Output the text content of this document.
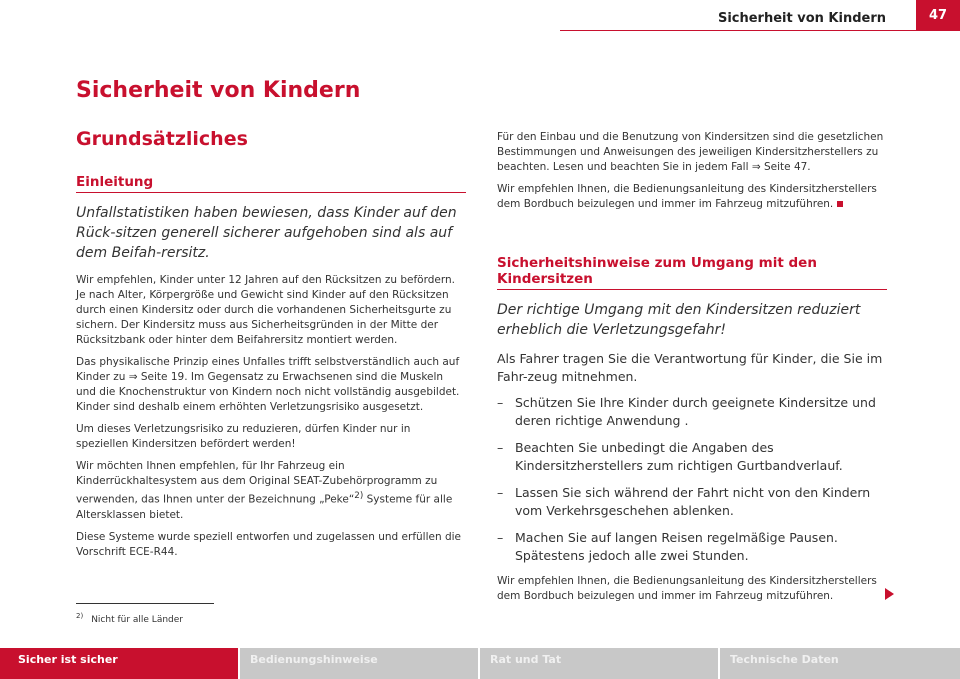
Sicherheit von Kindern	47
Sicherheit von Kindern
Grundsätzliches
Einleitung

Unfallstatistiken haben bewiesen, dass Kinder auf den Rück-sitzen generell sicherer aufgehoben sind als auf dem Beifah-rersitz.

Wir empfehlen, Kinder unter 12 Jahren auf den Rücksitzen zu befördern. Je nach Alter, Körpergröße und Gewicht sind Kinder auf den Rücksitzen durch einen Kindersitz oder durch die vorhandenen Sicherheitsgurte zu sichern. Der Kindersitz muss aus Sicherheitsgründen in der Mitte der Rücksitzbank oder hinter dem Beifahrersitz montiert werden.

Das physikalische Prinzip eines Unfalles trifft selbstverständlich auch auf Kinder zu ⇒ Seite 19. Im Gegensatz zu Erwachsenen sind die Muskeln und die Knochenstruktur von Kindern noch nicht vollständig ausgebildet. Kinder sind deshalb einem erhöhten Verletzungsrisiko ausgesetzt.

Um dieses Verletzungsrisiko zu reduzieren, dürfen Kinder nur in speziellen Kindersitzen befördert werden!

Wir möchten Ihnen empfehlen, für Ihr Fahrzeug ein Kinderrückhaltesystem aus dem Original SEAT-Zubehörprogramm zu verwenden, das Ihnen unter der Bezeichnung „Peke“$^{2)}$ Systeme für alle Altersklassen bietet.

Diese Systeme wurde speziell entworfen und zugelassen und erfüllen die Vorschrift ECE-R44.

Für den Einbau und die Benutzung von Kindersitzen sind die gesetzlichen Bestimmungen und Anweisungen des jeweiligen Kindersitzherstellers zu beachten. Lesen und beachten Sie in jedem Fall ⇒ Seite 47.

Wir empfehlen Ihnen, die Bedienungsanleitung des Kindersitzherstellers dem Bordbuch beizulegen und immer im Fahrzeug mitzuführen.

Sicherheitshinweise zum Umgang mit den Kindersitzen

Der richtige Umgang mit den Kindersitzen reduziert erheblich die Verletzungsgefahr!

Als Fahrer tragen Sie die Verantwortung für Kinder, die Sie im Fahr-zeug mitnehmen.

– Schützen Sie Ihre Kinder durch geeignete Kindersitze und deren richtige Anwendung .
– Beachten Sie unbedingt die Angaben des Kindersitzherstellers zum richtigen Gurtbandverlauf.
– Lassen Sie sich während der Fahrt nicht von den Kindern vom Verkehrsgeschehen ablenken.
– Machen Sie auf langen Reisen regelmäßige Pausen. Spätestens jedoch alle zwei Stunden.

Wir empfehlen Ihnen, die Bedienungsanleitung des Kindersitzherstellers dem Bordbuch beizulegen und immer im Fahrzeug mitzuführen.

$^{2)}$ Nicht für alle Länder
Sicher ist sicher	Bedienungshinweise	Rat und Tat	Technische Daten
